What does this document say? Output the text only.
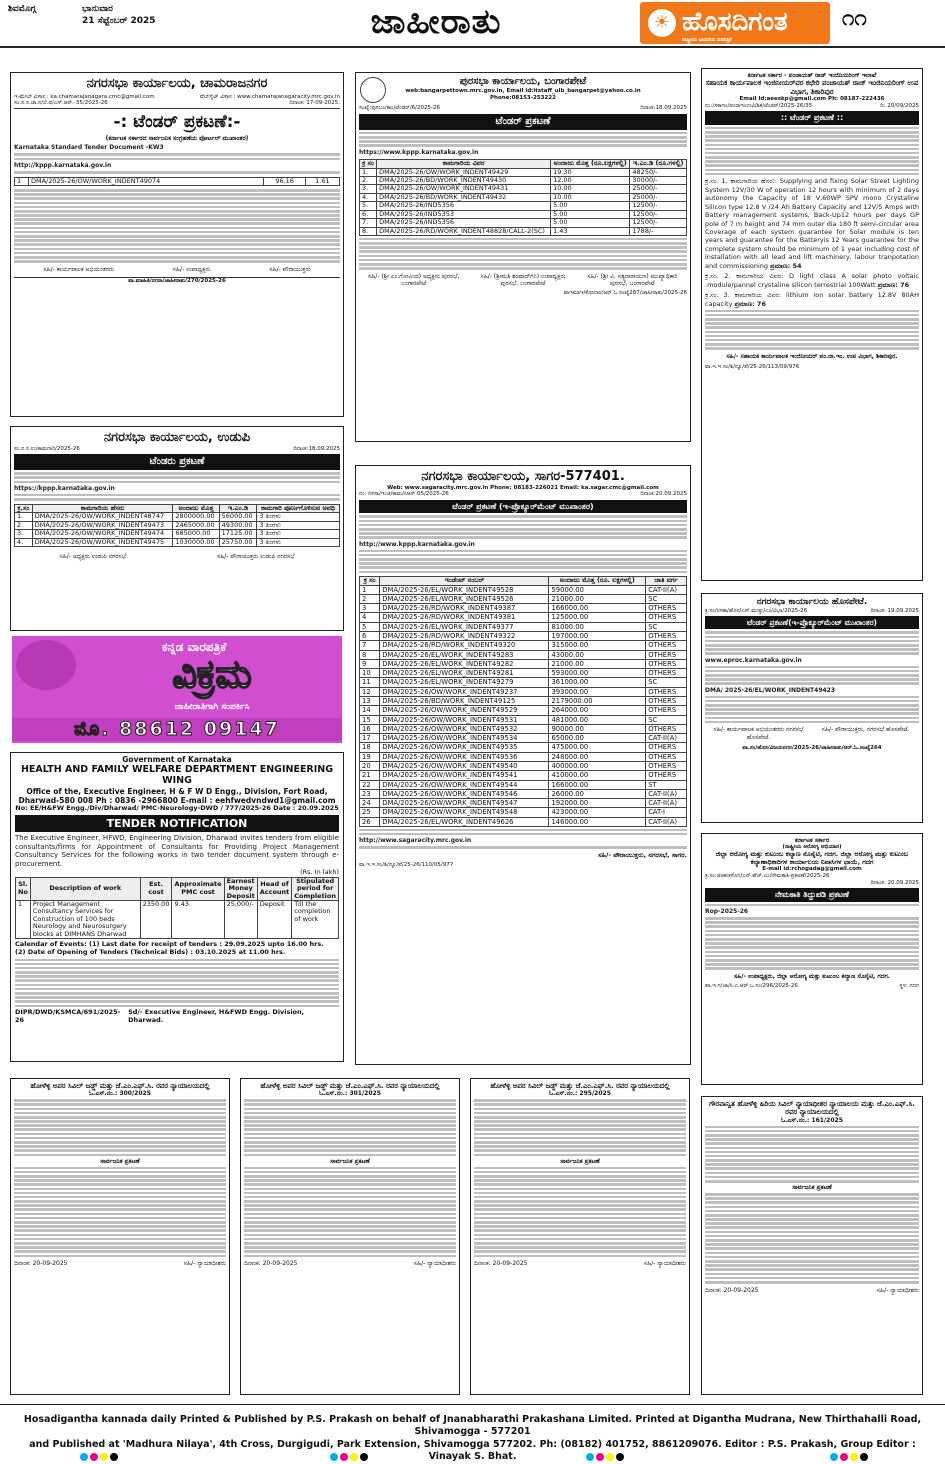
ಶಿವಮೊಗ್ಗ	ಭಾನುವಾರ
21 ಸೆಪ್ಟೆಂಬರ್ 2025	ಜಾಹೀರಾತು	☀ ಹೊಸದಿಗಂತ
ರಾಷ್ಟ್ರೀಯ ಭಾವನೆಯ ದಿನಪತ್ರಿಕೆ
೧೧
ನಗರಸಭಾ ಕಾರ್ಯಾಲಯ, ಚಾಮರಾಜನಗರ
ಇ-ಮೇಲ್ ವಿಳಾಸ : ka.chamarajanagara.cmc@gmail.com	ವೆಬ್‌ಸೈಟ್ ವಿಳಾಸ : www.chamarajanagaracity.mrc.gov.in
ಸಂ.ನ.ಸ.ಚಾ.ನ/ಲೆ.ಪ/ಎಸ್.ಆರ್.-35/2025-26	ದಿನಾಂಕ: 17-09-2025.
-: ಟೆಂಡರ್ ಪ್ರಕಟಣೆ:-
(ಕರ್ನಾಟಕ ಸರ್ಕಾರದ ಸಾರ್ವಜನಿಕ ಸಂಗ್ರಹಣೆಯ ಪೋರ್ಟಲ್ ಮುಖಾಂತರ)
Karnataka Standard Tender Document -KW3
http://kppp.karnataka.gov.in
1	DMA/2025-26/OW/WORK_INDENT49074	96.16	1.61
ಸಹಿ/- ಕಾರ್ಯಪಾಲಕ ಅಭಿಯಂತರರು	ಸಹಿ/- ಉಪಾಧ್ಯಕ್ಷರು	ಸಹಿ/- ಪೌರಾಯುಕ್ತರು
ವಾ.ಮಾಹಿತಿ/ನಗರಾ/ಜಾಹೀರಾತು/270/2025-26
ನಗರಸಭಾ ಕಾರ್ಯಾಲಯ, ಉಡುಪಿ
ಸಂ.ನ.ಸ.ಉ/ಕಾಮಗಾರಿ/2025-26	ದಿನಾಂಕ:18.09.2025
ಟೆಂಡರು ಪ್ರಕಟಣೆ
https://kppp.karnataka.gov.in
ಕ್ರ.ಸಂ	ಕಾಮಗಾರಿಯ ಹೆಸರು	ಅಂದಾಜು ಮೊತ್ತ	ಇ.ಎಂ.ಡಿ	ಕಾಮಗಾರಿ ಪೂರ್ಣಗೊಳಿಸುವ ಅವಧಿ
1.	DMA/2025-26/OW/WORK_INDENT48747	2800000.00	56000.00	3 ತಿಂಗಳು
2.	DMA/2025-26/OW/WORK_INDENT49473	2465000.00	49300.00	3 ತಿಂಗಳು
3.	DMA/2025-26/OW/WORK_INDENT49474	685000.00	17125.00	3 ತಿಂಗಳು
4.	DMA/2025-26/OW/WORK_INDENT49475	1030000.00	25750.00	3 ತಿಂಗಳು
ಸಹಿ/- ಅಧ್ಯಕ್ಷರು ಉಡುಪಿ ನಗರಸಭೆ	ಸಹಿ/- ಪೌರಾಯುಕ್ತರು ಉಡುಪಿ ನಗರಸಭೆ
ಕನ್ನಡ ವಾರಪತ್ರಿಕೆ
ವಿಕ್ರಮ
ಜಾಹೀರಾತಿಗಾಗಿ ಸಂಪರ್ಕಿಸಿ
ಮೊ. 88612 09147
Government of Karnataka
HEALTH AND FAMILY WELFARE DEPARTMENT ENGINEERING WING
Office of the, Executive Engineer, H & F W D Engg., Division, Fort Road, Dharwad-580 008 Ph : 0836 -2966800 E-mail : eehfwedvndwd1@gmail.com
No: EE/H&FW Engg./Div/Dharwad/ PMC-Neurology-DWD / 777/2025-26 Date : 20.09.2025
TENDER NOTIFICATION
The Executive Engineer, HFWD, Engineering Division, Dharwad invites tenders from eligible consultants/firms for Appointment of Consultants for Providing Project Management Consultancy Services for the following works in two tender document system through e-procurement.
(Rs. In lakh)
Sl. No	Description of work	Est. cost	Approximate PMC cost	Earnest Money Deposit	Head of Account	Stipulated period for Completion
1	Project Management Consultancy Services for Construction of 100 beds Neurology and Neurosurgery blocks at DIMHANS Dharwad	2350.00	9.43	25,000/-	Deposit	Till the completion of work
Calendar of Events: (1) Last date for receipt of tenders : 29.09.2025 upto 16.00 hrs.
(2) Date of Opening of Tenders (Technical Bids) : 03.10.2025 at 11.00 hrs.
DIPR/DWD/KSMCA/691/2025-26
Sd/- Executive Engineer, H&FWD Engg. Division, Dharwad.
ಪುರಸಭಾ ಕಾರ್ಯಾಲಯ, ಬಂಗಾರಪೇಟೆ
web:bangarpettown.mrc.gov.in, Email id:itstaff_ulb_bangarpet@yahoo.co.in
Phone:08153-253222
ಸಂಖ್ಯೆ:ಪುಸಬಂ/ಕಾಂ/ಟೆಂಡರ್/6/2025-26	ದಿನಾಂಕ:18.09.2025
ಟೆಂಡರ್ ಪ್ರಕಟಣೆ
https://www.kppp.karnataka.gov.in
ಕ್ರ ಸಂ	ಕಾಮಗಾರಿಯ ವಿವರ	ಅಂದಾಜು ಮೊತ್ತ (ರೂ.ಲಕ್ಷಗಳಲ್ಲಿ)	ಇ.ಎಂ.ಡಿ (ರೂ.ಗಳಲ್ಲಿ)
1.	DMA/2025-26/OW/WORK_INDENT49429	19.30	48250/-
2.	DMA/2025-26/BD/WORK_INDENT49430	12.00	30000/-
3.	DMA/2025-26/OW/WORK_INDENT49431	10.00	25000/-
4.	DMA/2025-26/BD/WORK_INDENT49432	10.00	25000/-
5.	DMA/2025-26/IND5356	5.00	12500/-
6.	DMA/2025-26/IND5353	5.00	12500/-
7.	DMA/2025-26/IND5356	5.00	12500/-
8.	DMA/2025-26/RD/WORK_INDENT48828/CALL-2(SC)	1.43	1788/-
ಸಹಿ/- (ಶ್ರೀ ಎಂ.ಗೋವಿಂದ) ಅಧ್ಯಕ್ಷರು ಪುರಸಭೆ, ಬಂಗಾರಪೇಟೆ
ಸಹಿ/- (ಶ್ರೀಮತಿ ಶಂಷಾದ್‌ಗನಿ) ಉಪಾಧ್ಯಕ್ಷರು ಪುರಸಭೆ, ಬಂಗಾರಪೇಟೆ
ಸಹಿ/- (ಶ್ರೀ ವಿ. ಸತ್ಯನಾರಾಯಣ) ಮುಖ್ಯಾಧಿಕಾರಿ ಪುರಸಭೆ, ಬಂಗಾರಪೇಟೆ
ವಾಇಮಾಇ/ಕೋಲಾರ/ಆರ್.ಓ.ಸಂಖ್ಯೆ287/ಜಾಹೀರಾತು/2025-26
ನಗರಸಭಾ ಕಾರ್ಯಾಲಯ, ಸಾಗರ-577401.
Web: www.sagaracity.mrc.gov.in Phone: 08183-226021 Email: ka.sagar.cmc@gmail.com
ನಂ: ನಸಸಾ/ಇಂಜಿ/ಕಾಮ/ಸಿಆರ್:05/2025-26	ದಿನಾಂಕ:20.09.2025
ಟೆಂಡರ್ ಪ್ರಕಟಣೆ (ಇ-ಪ್ರೊಕ್ಯೂರ್‌ಮೆಂಟ್ ಮುಖಾಂತರ)
http://www.kppp.karnataka.gov.in
ಕ್ರ ಸಂ	ಇಂಡೆಂಟ್ ನಂಬರ್	ಅಂದಾಜು ಮೊತ್ತ (ರೂ. ಲಕ್ಷಗಳಲ್ಲಿ)	ಜಾತಿ ವರ್ಗ
1	DMA/2025-26/EL/WORK_INDENT49528	59000.00	CAT-II(A)
2	DMA/2025-26/EL/WORK_INDENT49526	21000.00	SC
3	DMA/2025-26/RD/WORK_INDENT49387	166000.00	OTHERS
4	DMA/2025-26/RD/WORK_INDENT49381	125000.00	OTHERS
5	DMA/2025-26/EL/WORK_INDENT49377	81000.00	SC
6	DMA/2025-26/RD/WORK_INDENT49322	197000.00	OTHERS
7	DMA/2025-26/RD/WORK_INDENT49320	315000.00	OTHERS
8	DMA/2025-26/EL/WORK_INDENT49283	43000.00	OTHERS
9	DMA/2025-26/EL/WORK_INDENT49282	21000.00	OTHERS
10	DMA/2025-26/EL/WORK_INDENT49281	593000.00	OTHERS
11	DMA/2025-26/EL/WORK_INDENT49279	361000.00	SC
12	DMA/2025-26/OW/WORK_INDENT49237	393000.00	OTHERS
13	DMA/2025-26/BD/WORK_INDENT49125	2179000.00	OTHERS
14	DMA/2025-26/OW/WORK_INDENT49529	264000.00	OTHERS
15	DMA/2025-26/OW/WORK_INDENT49531	481000.00	SC
16	DMA/2025-26/OW/WORK_INDENT49532	90000.00	OTHERS
17	DMA/2025-26/OW/WORK_INDENT49534	65000.00	CAT-II(A)
18	DMA/2025-26/OW/WORK_INDENT49535	475000.00	OTHERS
19	DMA/2025-26/OW/WORK_INDENT49536	248000.00	OTHERS
20	DMA/2025-26/OW/WORK_INDENT49540	400000.00	OTHERS
21	DMA/2025-26/OW/WORK_INDENT49541	410000.00	OTHERS
22	DMA/2025-26/OW/WORK_INDENT49544	166000.00	ST
23	DMA/2025-26/OW/WORK_INDENT49546	26000.00	CAT-II(A)
24	DMA/2025-26/OW/WORK_INDENT49547	192000.00	CAT-II(A)
25	DMA/2025-26/OW/WORK_INDENT49548	423000.00	CAT-I
26	DMA/2025-26/EL/WORK_INDENT49626	146000.00	CAT-II(A)
http://www.sagaracity.mrc.gov.in
ಸಹಿ/- ಪೌರಾಯುಕ್ತರು, ನಗರಸಭೆ, ಸಾಗರ.
ವಾ.ಇ.ಇ.ಸಂ/ಶಿ/ನ್ಯೂ/ಪೆ/25-26/110/05/977
ಕರ್ನಾಟಕ ಸರ್ಕಾರ - ಪಂಚಾಯತ್ ರಾಜ್ ಇಂಜಿನಿಯರಿಂಗ್ ಇಲಾಖೆ
ಸಹಾಯಕ ಕಾರ್ಯಪಾಲಕ ಇಂಜಿನೀಯರ್‌ವರ ಕಛೇರಿ ಪಂಚಾಯತ್ ರಾಜ್ ಇಂಜಿನಿಯರಿಂಗ್ ಉಪ ವಿಭಾಗ, ಶಿಕಾರಿಪುರ
Email Id:aeeskp@gmail.com Ph: 08187-222436
ನಂ:/ಸಕಾಇಂ/ಪಂರಾಇಂಉವಿ/ಶಿಕ/ಟೆಂಡರ್/2025-26/35	ದಿ: 20/09/2025
:: ಟೆಂಡರ್ ಪ್ರಕಟಣೆ ::
ಕ್ರ.ಸಂ. 1. ಕಾಮಗಾರಿಯ ಹೆಸರು: Supplying and fixing Solar Street Lighting System 12V/30 W of operation 12 hours with minimum of 2 days autonomy the Capacity of 18 V,60WP SPV mono Crystaline Silicon type 12.8 V /24 Ah Battery Capacity and 12V/5 Amps with Battery management systems, Back-Up12 hours per days GP pole of 7 m height and 74 mm outer dia 180 ft semi-circular area Coverage of each system guarantee for Solar module is ten years and guarantee for the Batteryis 12 Years guarantee for the complete system should be minimum of 1 year including cost of installation with all lead and lift machinery, labour tranpotation and commissioning ಪ್ರಮಾಣ: 54
ಕ್ರ.ಸಂ. 2. ಕಾಮಗಾರಿಯ ವಿವರ: D light class A solar photo voltaic .module/pannel crystaline silicon terrestrial 100Watt ಪ್ರಮಾಣ: 76
ಕ್ರ.ಸಂ. 3. ಕಾಮಗಾರಿಯ ವಿವರ: lithium ion solar battery 12.8V 80AH capacity ಪ್ರಮಾಣ: 76
ಸಹಿ/- ಸಹಾಯಕ ಕಾರ್ಯಪಾಲಕ ಇಂಜಿನೀಯರ್ ಪಂ.ರಾ.ಇಂ. ಉಪ ವಿಭಾಗ, ಶಿಕಾರಿಪುರ.
ವಾ.ಇ.ಇ.ಸಂ/ಶಿ/ನ್ಯೂ/ಪೆ/25-26/113/09/976
ನಗರಸಭಾ ಕಾರ್ಯಾಲಯ ಹೊಸಪೇಟೆ.
ಕ್ರ.ಸಂ/ನಸಕಾ/ಹೊಸ/ಎಸ್.ಮುತ್ತು/ಎಂ/ವಿಭಾ/2025-26	ದಿನಾಂಕ: 19.09.2025
ಟೆಂಡರ್ ಪ್ರಕಟಣೆ(ಇ-ಪ್ರೊಕ್ಯೂರ್‌ಮೆಂಟ್ ಮುಖಾಂತರ)
www.eproc.karnataka.gov.in
DMA/ 2025-26/EL/WORK_INDENT49423
ಸಹಿ/- ಕಾರ್ಯಪಾಲಕ ಅಭಿಯಂತರರು ನಗರಸಭೆ ಹೊಸಪೇಟೆ.
ಸಹಿ/- ಪೌರಾಯುಕ್ತರು, ನಗರಸಭೆ ಹೊಸಪೇಟೆ.
ವಾ.ಸಂ/ಹೊಸ/ವಿಜಯನಗರ/2025-26/ಜಾಹೀರಾತು/ಆರ್.ಓ.ಸಂಖ್ಯೆ264
ಕರ್ನಾಟಕ ಸರ್ಕಾರ
(ರಾಷ್ಟ್ರೀಯ ಆರೋಗ್ಯ ಅಭಿಯಾನ)
ಜಿಲ್ಲಾ ಆರೋಗ್ಯ ಮತ್ತು ಕುಟುಂಬ ಕಲ್ಯಾಣ ಸೊಸೈಟಿ, ಗದಗ. ಜಿಲ್ಲಾ ಆರೋಗ್ಯ ಮತ್ತು ಕುಟುಂಬ ಕಲ್ಯಾಣಾಧಿಕಾರಿಗಳ ಕಾರ್ಯಾಲಯ ನಿವಾಸಿಗಳ ಛಾಯೆ, ಗದಗ
E-mail id:rchogadag@gmail.com
ಕ್ರ.ಸಂ:ಜಿಆಕುಕಸೊಗ/ಎನ್.ಹೆಚ್.ಎಂ/ನೇಮಕಾತಿ-ಪ್ರಕಟಣೆ/2025-26
ದಿನಾಂಕ: 20.09.2025
ನೇಮಕಾತಿ ತಿದ್ದುಪಡಿ ಪ್ರಕಟಣೆ
Rop-2025-26
ಸಹಿ/- ಉಪಾಧ್ಯಕ್ಷರು, ಜಿಲ್ಲಾ ಆರೋಗ್ಯ ಮತ್ತು ಕುಟುಂಬ ಕಲ್ಯಾಣ ಸೊಸೈಟಿ, ಗದಗ.
ವಾ.ಇ.ಗ/ಜಾ/ಸಿ.ಎ.ಆರ್.ಒ.ಸಂ/296/2025-26	ಸ್ಥಳ: ಗದಗ
ಹೋಳೆಳ್ಳಿ ಅಪರ ಸಿವಿಲ್ ಜಡ್ಜ್ ಮತ್ತು ಜೆ.ಎಂ.ಎಫ್.ಸಿ. ರವರ ನ್ಯಾಯಾಲಯದಲ್ಲಿ
ಓ.ಎಸ್.ನಂ.: 300/2025
ಸಾರ್ವಜನಿಕ ಪ್ರಕಟಣೆ
ದಿನಾಂಕ: 20-09-2025	ಸಹಿ/- ನ್ಯಾಯಾಧೀಶರು
ಹೋಳೆಳ್ಳಿ ಅಪರ ಸಿವಿಲ್ ಜಡ್ಜ್ ಮತ್ತು ಜೆ.ಎಂ.ಎಫ್.ಸಿ. ರವರ ನ್ಯಾಯಾಲಯದಲ್ಲಿ
ಓ.ಎಸ್.ನಂ.: 301/2025
ಸಾರ್ವಜನಿಕ ಪ್ರಕಟಣೆ
ದಿನಾಂಕ: 20-09-2025	ಸಹಿ/- ನ್ಯಾಯಾಧೀಶರು
ಹೋಳೆಳ್ಳಿ ಅಪರ ಸಿವಿಲ್ ಜಡ್ಜ್ ಮತ್ತು ಜೆ.ಎಂ.ಎಫ್.ಸಿ. ರವರ ನ್ಯಾಯಾಲಯದಲ್ಲಿ
ಓ.ಎಸ್.ನಂ.: 295/2025
ಸಾರ್ವಜನಿಕ ಪ್ರಕಟಣೆ
ದಿನಾಂಕ: 20-09-2025	ಸಹಿ/- ನ್ಯಾಯಾಧೀಶರು
ಗೌರವಾನ್ವಿತ ಹೋಳೆಳ್ಳಿ ಹಿರಿಯ ಸಿವಿಲ್ ನ್ಯಾಯಾಧೀಶರ ನ್ಯಾಯಾಲಯ ಮತ್ತು ಜೆ.ಎಂ.ಎಫ್.ಸಿ. ರವರ ನ್ಯಾಯಾಲಯದಲ್ಲಿ
ಓ.ಎಸ್.ನಂ.: 161/2025
ಸಾರ್ವಜನಿಕ ಪ್ರಕಟಣೆ
ದಿನಾಂಕ: 20-09-2025	ಸಹಿ/- ನ್ಯಾಯಾಧೀಶರು
Hosadigantha kannada daily Printed & Published by P.S. Prakash on behalf of Jnanabharathi Prakashana Limited. Printed at Digantha Mudrana, New Thirthahalli Road, Shivamogga - 577201
and Published at 'Madhura Nilaya', 4th Cross, Durgigudi, Park Extension, Shivamogga 577202. Ph: (08182) 401752, 8861209076. Editor : P.S. Prakash, Group Editor : Vinayak S. Bhat.
